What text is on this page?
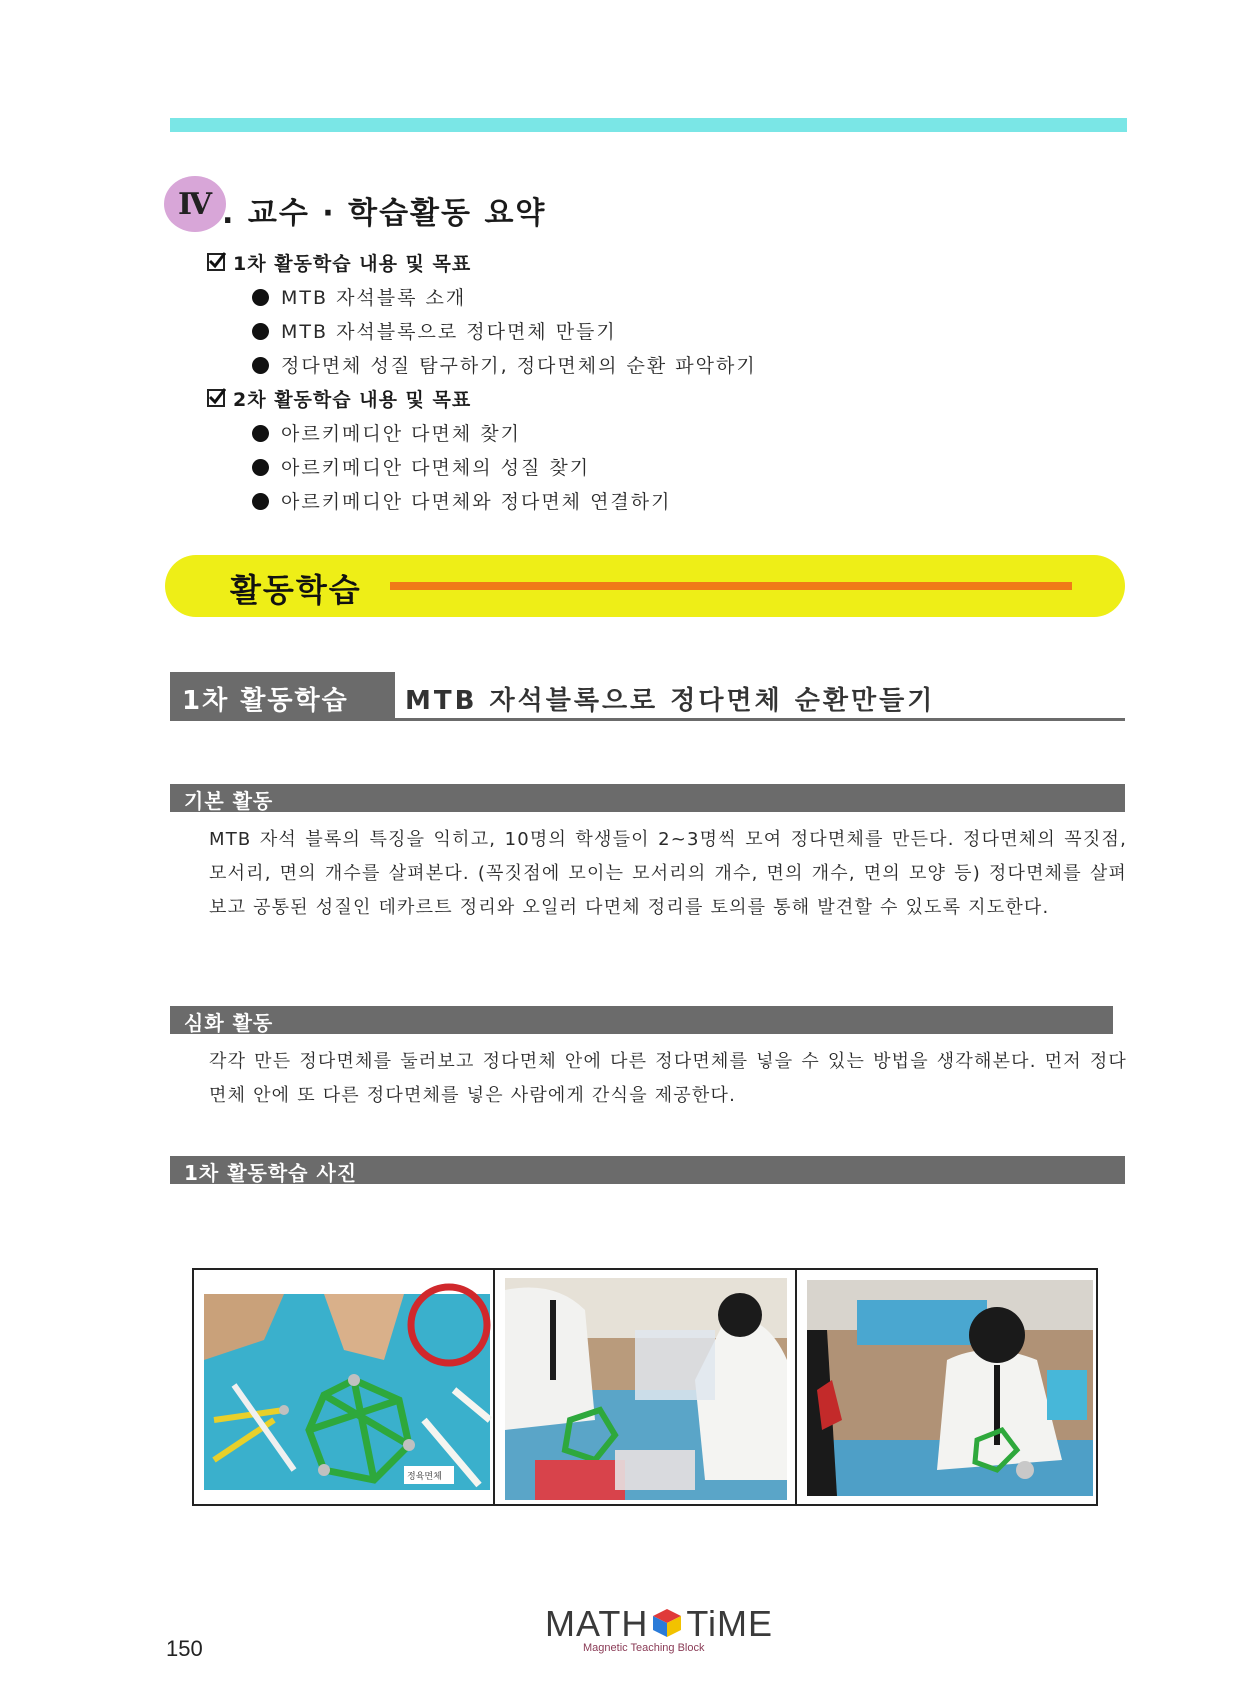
Ⅳ . 교수 · 학습활동 요약
1차 활동학습 내용 및 목표
MTB 자석블록 소개
MTB 자석블록으로 정다면체 만들기
정다면체 성질 탐구하기, 정다면체의 순환 파악하기
2차 활동학습 내용 및 목표
아르키메디안 다면체 찾기
아르키메디안 다면체의 성질 찾기
아르키메디안 다면체와 정다면체 연결하기
활동학습
1차 활동학습 MTB 자석블록으로 정다면체 순환만들기
기본 활동
MTB 자석 블록의 특징을 익히고, 10명의 학생들이 2~3명씩 모여 정다면체를 만든다. 정다면체의 꼭짓점, 모서리, 면의 개수를 살펴본다. (꼭짓점에 모이는 모서리의 개수, 면의 개수, 면의 모양 등) 정다면체를 살펴보고 공통된 성질인 데카르트 정리와 오일러 다면체 정리를 토의를 통해 발견할 수 있도록 지도한다.
심화 활동
각각 만든 정다면체를 둘러보고 정다면체 안에 다른 정다면체를 넣을 수 있는 방법을 생각해본다. 먼저 정다면체 안에 또 다른 정다면체를 넣은 사람에게 간식을 제공한다.
1차 활동학습 사진
정육면체
150
MATH TiME
Magnetic Teaching Block
